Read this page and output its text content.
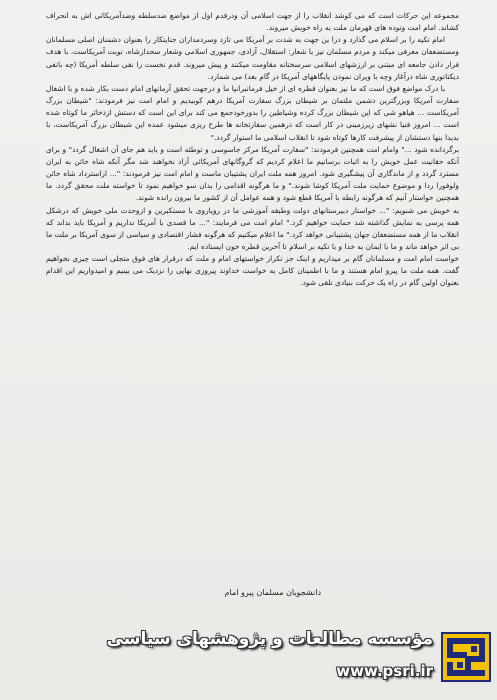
مجموعه این حرکات است که می کوشد انقلاب را از جهت اسلامی آن ودرقدم اول از مواضع ضدسلطه وضدآمریکائی اش به انحراف کشاند. امام امت وتوده های قهرمان ملت به راه خویش میروند.

امام تکیه را بر اسلام می گذارد و درا ین جهت به شدت بر آمریکا می تازد وسردمداران جنایتکار را بعنوان دشمنان اصلی مسلمانان ومستضعفان معرفی میکند و مردم مسلمان نیز با شعار: استقلال، آزادی، جمهوری اسلامی وشعار سحدازشاه، نوبت آمریکاست، با هدف فرار دادن جامعه ای مبتنی بر ارزشهای اسلامی سرسختانه مقاومت میکنند و پیش میروند. قدم نخست را نفی سلطه آمریکا (چه باتفی دیکتاتوری شاه درآغاز وچه با ویران نمودن پایگاههای آمریکا در گام بعد) می شمارد.

با درک مواضع فوق است که ما نیز بعنوان قطره ای از خیل فرمانبرانیا ما و درجهت تحقق آرمانهای امام دست بکار شده و با اشغال سفارت آمریکا وبزرگترین دشمن ملتمان بر شیطان بزرگ سفارت آمریکا درهم کوبیدیم و امام امت نیز فرمودند: "شیطان بزرگ آمریکاست ... هیاهو شی که این شیطان بزرگ کرده وشیاطین را بدورخودجمع می کند برای این است که دستش ازذخائر ما کوتاه شده است ... امروز فنیا نشهای زیرزمینی در کار است که درهمین سفارتخانه ها طرح ریزی میشود عمده این شیطان بزرگ آمریکاست، با بدیدا بنها دستشان از پیشرفت کارها کوتاه شود تا انقلاب اسلامی ما استوار گردد."

برگردانده شود ..." وامام امت همچنین فرمودند: "سفارت آمریکا مرکز جاسوسی و توطئه است و باید هم جای آن اشغال گردد" و برای آنکه حقانیت عمل خویش را به اثبات برسانیم ما اعلام کردیم که گروگانهای آمریکائی آزاد نخواهند شد مگر آنکه شاه خائن به ایران مسترد گردد و از ماندگاری آن پیشگیری شود. امروز همه ملت ایران پشتیبان ماست و امام امت نیز فرمودند: "... ازاسترداد شاه خائن ولوفورا ردا و موضوع حمایت ملت آمریکا کوشا شوند." و ما هرگونه اقدامی را بدان سو خواهیم نمود تا خواسته ملت محقق گردد. ما همچنین خواستار آنیم که هرگونه رابطه با آمریکا قطع شود و همه عوامل آن از کشور ما بیرون رانده شوند.

به خویش می شنویم: "... خواستار دبیرستانهای دولت وطبقه آموزشی ما در رویاروی با مستکبرین و ازوحدت ملی خویش که درشکل همه پرسی به نمایش گذاشته شد حمایت خواهیم کرد." امام امت می فرمایند: "... ما قصدی با آمریکا نداریم و آمریکا باید بداند که انقلاب ما از همه مستضعفان جهان پشتیبانی خواهد کرد." ما اعلام میکنیم که هرگونه فشار اقتصادی و سیاسی از سوی آمریکا بر ملت ما بی اثر خواهد ماند و ما با ایمان به خدا و با تکیه بر اسلام تا آخرین قطره خون ایستاده ایم.

خواست امام امت و مسلمانان گام بر میداریم و اینک جز تکرار خواستهای امام و ملت که درقرار های فوق متجلی است چیزی نخواهیم گفت. همه ملت ما پیرو امام هستند و ما با اطمینان کامل به خواست خداوند پیروزی نهایی را نزدیک می بینیم و امیدواریم این اقدام بعنوان اولین گام در راه یک حرکت بنیادی تلقی شود.

دانشجویان مسلمان پیرو امام
مؤسسه مطالعات و پژوهشهای سیاسی
www.psri.ir
